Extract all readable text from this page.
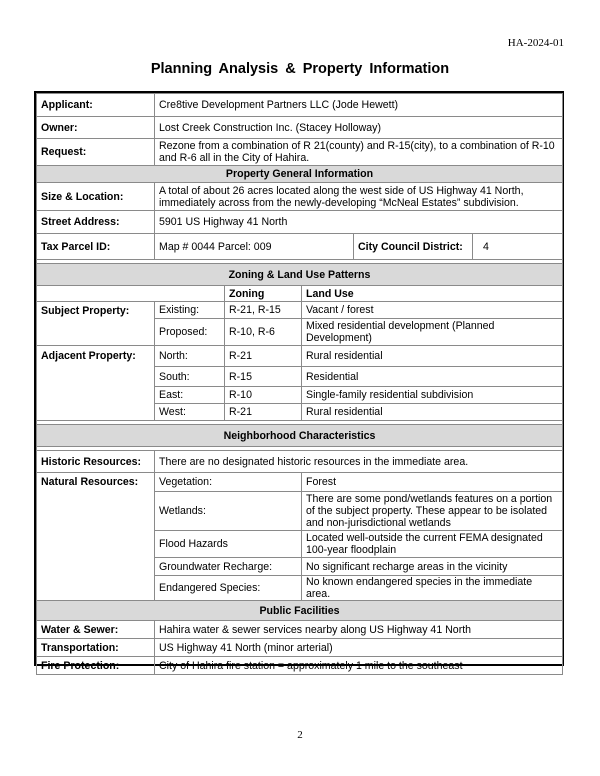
HA-2024-01
Planning Analysis & Property Information
Applicant:	Cre8tive Development Partners LLC (Jode Hewett)				
Owner:	Lost Creek Construction Inc. (Stacey Holloway)				
Request:	Rezone from a combination of R 21(county) and R-15(city), to a combination of R-10 and R-6 all in the City of Hahira.				
Property General Information					
Size & Location:	A total of about 26 acres located along the west side of US Highway 41 North, immediately across from the newly-developing “McNeal Estates” subdivision.				
Street Address:	5901 US Highway 41 North				
Tax Parcel ID:	Map # 0044 Parcel: 009			City Council District:	4

Zoning & Land Use Patterns					
		Zoning	Land Use		
Subject Property:	Existing:	R-21, R-15	Vacant / forest		
	Proposed:	R-10, R-6	Mixed residential development (Planned Development)		
Adjacent Property:	North:	R-21	Rural residential		
	South:	R-15	Residential		
	East:	R-10	Single-family residential subdivision		
	West:	R-21	Rural residential		

Neighborhood Characteristics					

Historic Resources:	There are no designated historic resources in the immediate area.				
Natural Resources:	Vegetation:		Forest		
	Wetlands:		There are some pond/wetlands features on a portion of the subject property. These appear to be isolated and non-jurisdictional wetlands		
	Flood Hazards		Located well-outside the current FEMA designated 100-year floodplain		
	Groundwater Recharge:		No significant recharge areas in the vicinity		
	Endangered Species:		No known endangered species in the immediate area.		
Public Facilities					
Water & Sewer:	Hahira water & sewer services nearby along US Highway 41 North				
Transportation:	US Highway 41 North (minor arterial)				
Fire Protection:	City of Hahira fire station = approximately 1 mile to the southeast				
2
